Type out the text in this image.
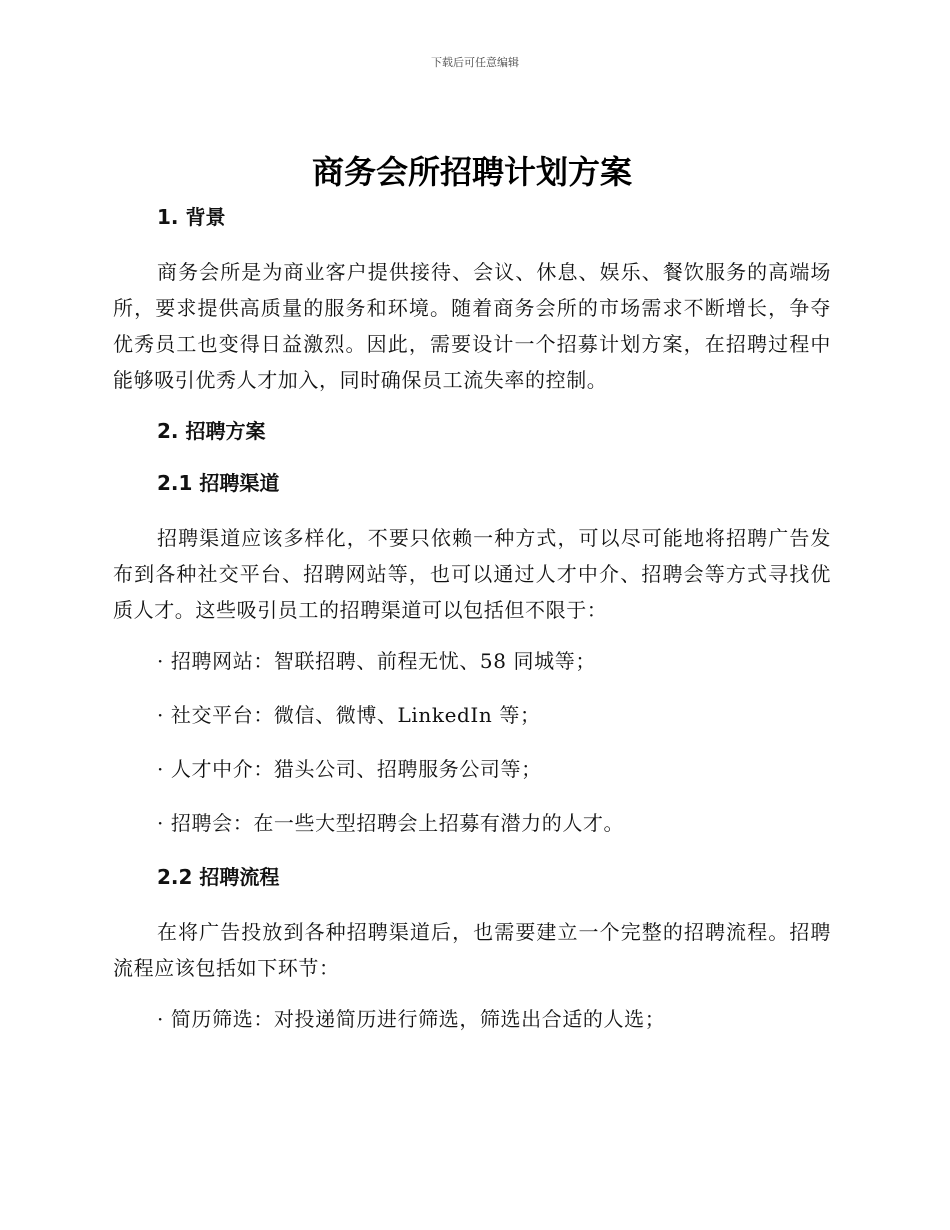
下载后可任意编辑
商务会所招聘计划方案
1. 背景

商务会所是为商业客户提供接待、会议、休息、娱乐、餐饮服务的高端场所，要求提供高质量的服务和环境。随着商务会所的市场需求不断增长，争夺优秀员工也变得日益激烈。因此，需要设计一个招募计划方案，在招聘过程中能够吸引优秀人才加入，同时确保员工流失率的控制。

2. 招聘方案
2.1 招聘渠道

招聘渠道应该多样化，不要只依赖一种方式，可以尽可能地将招聘广告发布到各种社交平台、招聘网站等，也可以通过人才中介、招聘会等方式寻找优质人才。这些吸引员工的招聘渠道可以包括但不限于：

· 招聘网站：智联招聘、前程无忧、58 同城等；
· 社交平台：微信、微博、LinkedIn 等；
· 人才中介：猎头公司、招聘服务公司等；
· 招聘会：在一些大型招聘会上招募有潜力的人才。
2.2 招聘流程

在将广告投放到各种招聘渠道后，也需要建立一个完整的招聘流程。招聘流程应该包括如下环节：

· 简历筛选：对投递简历进行筛选，筛选出合适的人选；
